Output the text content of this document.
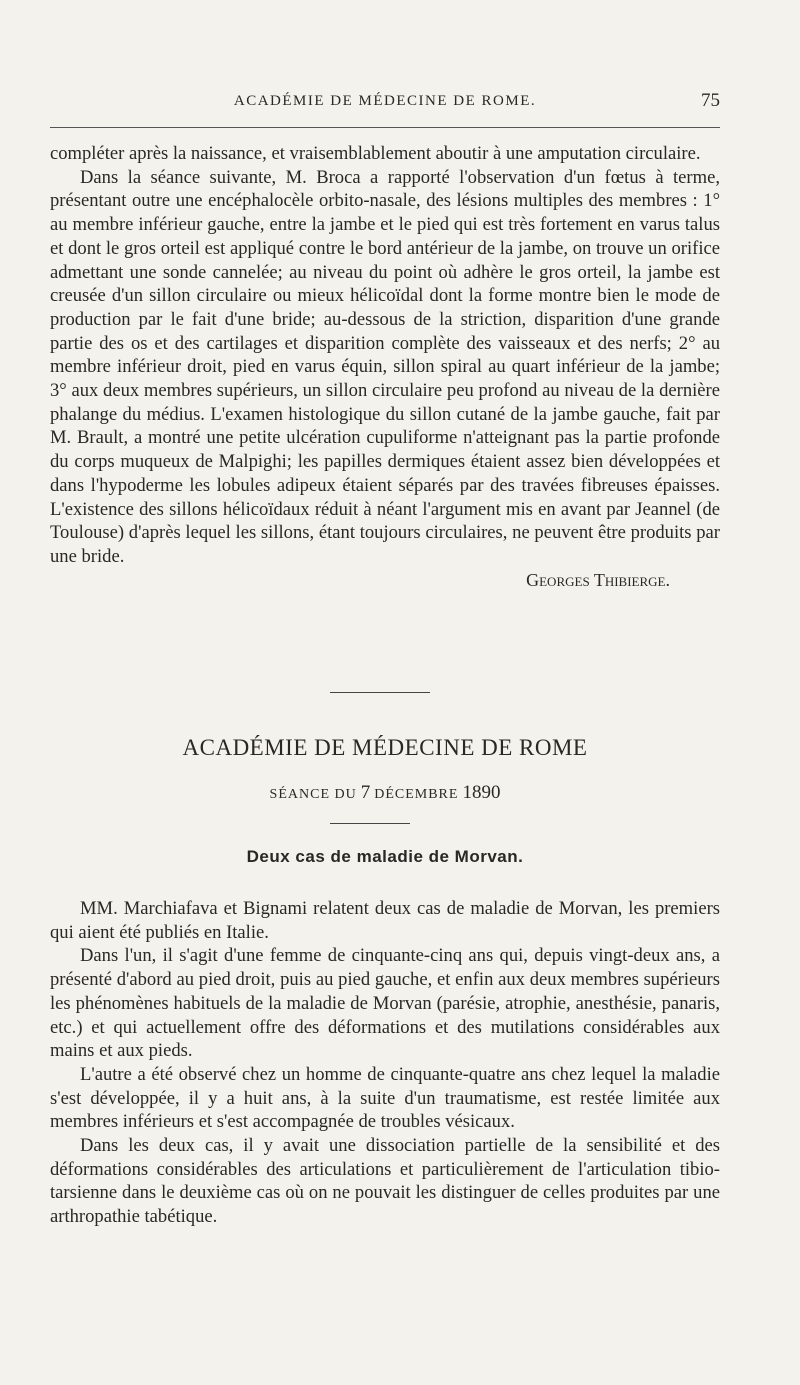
ACADÉMIE DE MÉDECINE DE ROME.	75

compléter après la naissance, et vraisemblablement aboutir à une amputation circulaire.

Dans la séance suivante, M. Broca a rapporté l'observation d'un fœtus à terme, présentant outre une encéphalocèle orbito-nasale, des lésions multiples des membres : 1° au membre inférieur gauche, entre la jambe et le pied qui est très fortement en varus talus et dont le gros orteil est appliqué contre le bord antérieur de la jambe, on trouve un orifice admettant une sonde cannelée; au niveau du point où adhère le gros orteil, la jambe est creusée d'un sillon circulaire ou mieux hélicoïdal dont la forme montre bien le mode de production par le fait d'une bride; au-dessous de la striction, disparition d'une grande partie des os et des cartilages et disparition complète des vaisseaux et des nerfs; 2° au membre inférieur droit, pied en varus équin, sillon spiral au quart inférieur de la jambe; 3° aux deux membres supérieurs, un sillon circulaire peu profond au niveau de la dernière phalange du médius. L'examen histologique du sillon cutané de la jambe gauche, fait par M. Brault, a montré une petite ulcération cupuliforme n'atteignant pas la partie profonde du corps muqueux de Malpighi; les papilles dermiques étaient assez bien développées et dans l'hypoderme les lobules adipeux étaient séparés par des travées fibreuses épaisses. L'existence des sillons hélicoïdaux réduit à néant l'argument mis en avant par Jeannel (de Toulouse) d'après lequel les sillons, étant toujours circulaires, ne peuvent être produits par une bride.

Georges Thibierge.
ACADÉMIE DE MÉDECINE DE ROME
SÉANCE DU 7 DÉCEMBRE 1890
Deux cas de maladie de Morvan.

MM. Marchiafava et Bignami relatent deux cas de maladie de Morvan, les premiers qui aient été publiés en Italie.

Dans l'un, il s'agit d'une femme de cinquante-cinq ans qui, depuis vingt-deux ans, a présenté d'abord au pied droit, puis au pied gauche, et enfin aux deux membres supérieurs les phénomènes habituels de la maladie de Morvan (parésie, atrophie, anesthésie, panaris, etc.) et qui actuellement offre des déformations et des mutilations considérables aux mains et aux pieds.

L'autre a été observé chez un homme de cinquante-quatre ans chez lequel la maladie s'est développée, il y a huit ans, à la suite d'un traumatisme, est restée limitée aux membres inférieurs et s'est accompagnée de troubles vésicaux.

Dans les deux cas, il y avait une dissociation partielle de la sensibilité et des déformations considérables des articulations et particulièrement de l'articulation tibio-tarsienne dans le deuxième cas où on ne pouvait les distinguer de celles produites par une arthropathie tabétique.
